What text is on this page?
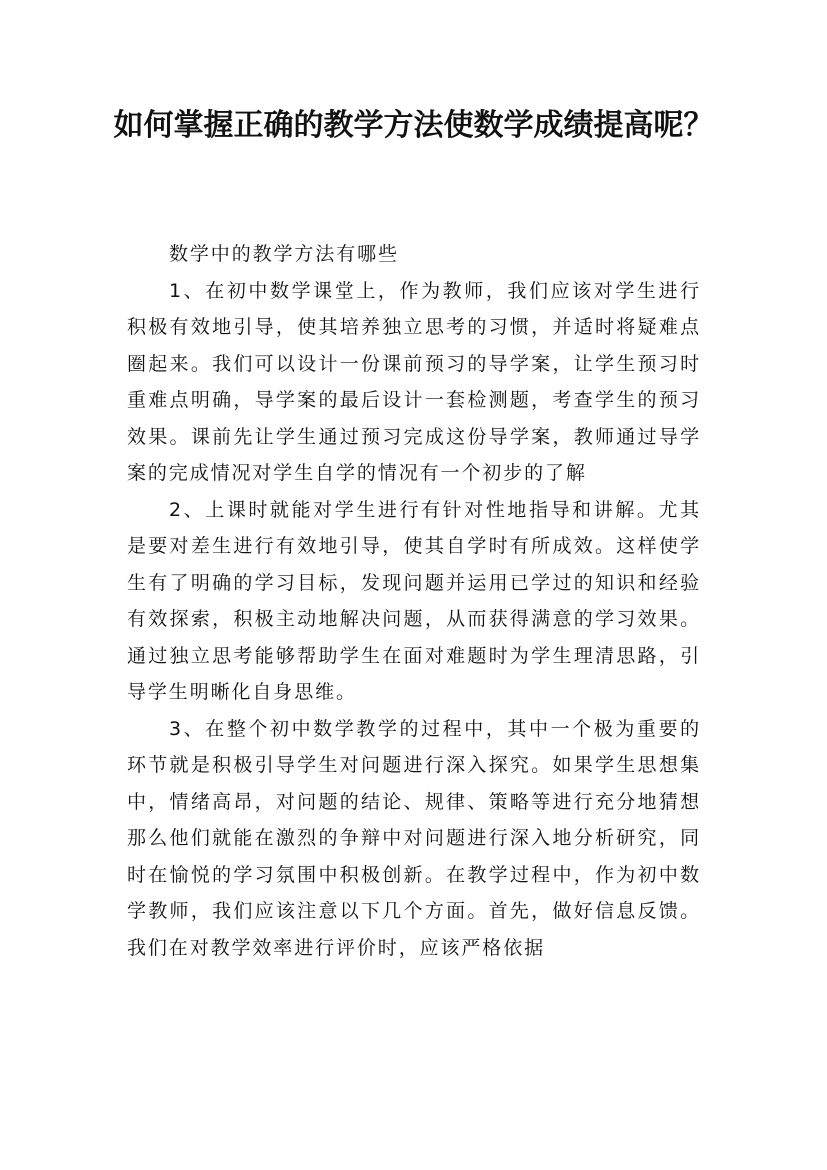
如何掌握正确的教学方法使数学成绩提高呢？

数学中的教学方法有哪些

1、在初中数学课堂上，作为教师，我们应该对学生进行积极有效地引导，使其培养独立思考的习惯，并适时将疑难点圈起来。我们可以设计一份课前预习的导学案，让学生预习时重难点明确，导学案的最后设计一套检测题，考查学生的预习效果。课前先让学生通过预习完成这份导学案，教师通过导学案的完成情况对学生自学的情况有一个初步的了解

2、上课时就能对学生进行有针对性地指导和讲解。尤其是要对差生进行有效地引导，使其自学时有所成效。这样使学生有了明确的学习目标，发现问题并运用已学过的知识和经验有效探索，积极主动地解决问题，从而获得满意的学习效果。通过独立思考能够帮助学生在面对难题时为学生理清思路，引导学生明晰化自身思维。

3、在整个初中数学教学的过程中，其中一个极为重要的环节就是积极引导学生对问题进行深入探究。如果学生思想集中，情绪高昂，对问题的结论、规律、策略等进行充分地猜想那么他们就能在激烈的争辩中对问题进行深入地分析研究，同时在愉悦的学习氛围中积极创新。在教学过程中，作为初中数学教师，我们应该注意以下几个方面。首先，做好信息反馈。我们在对教学效率进行评价时，应该严格依据
